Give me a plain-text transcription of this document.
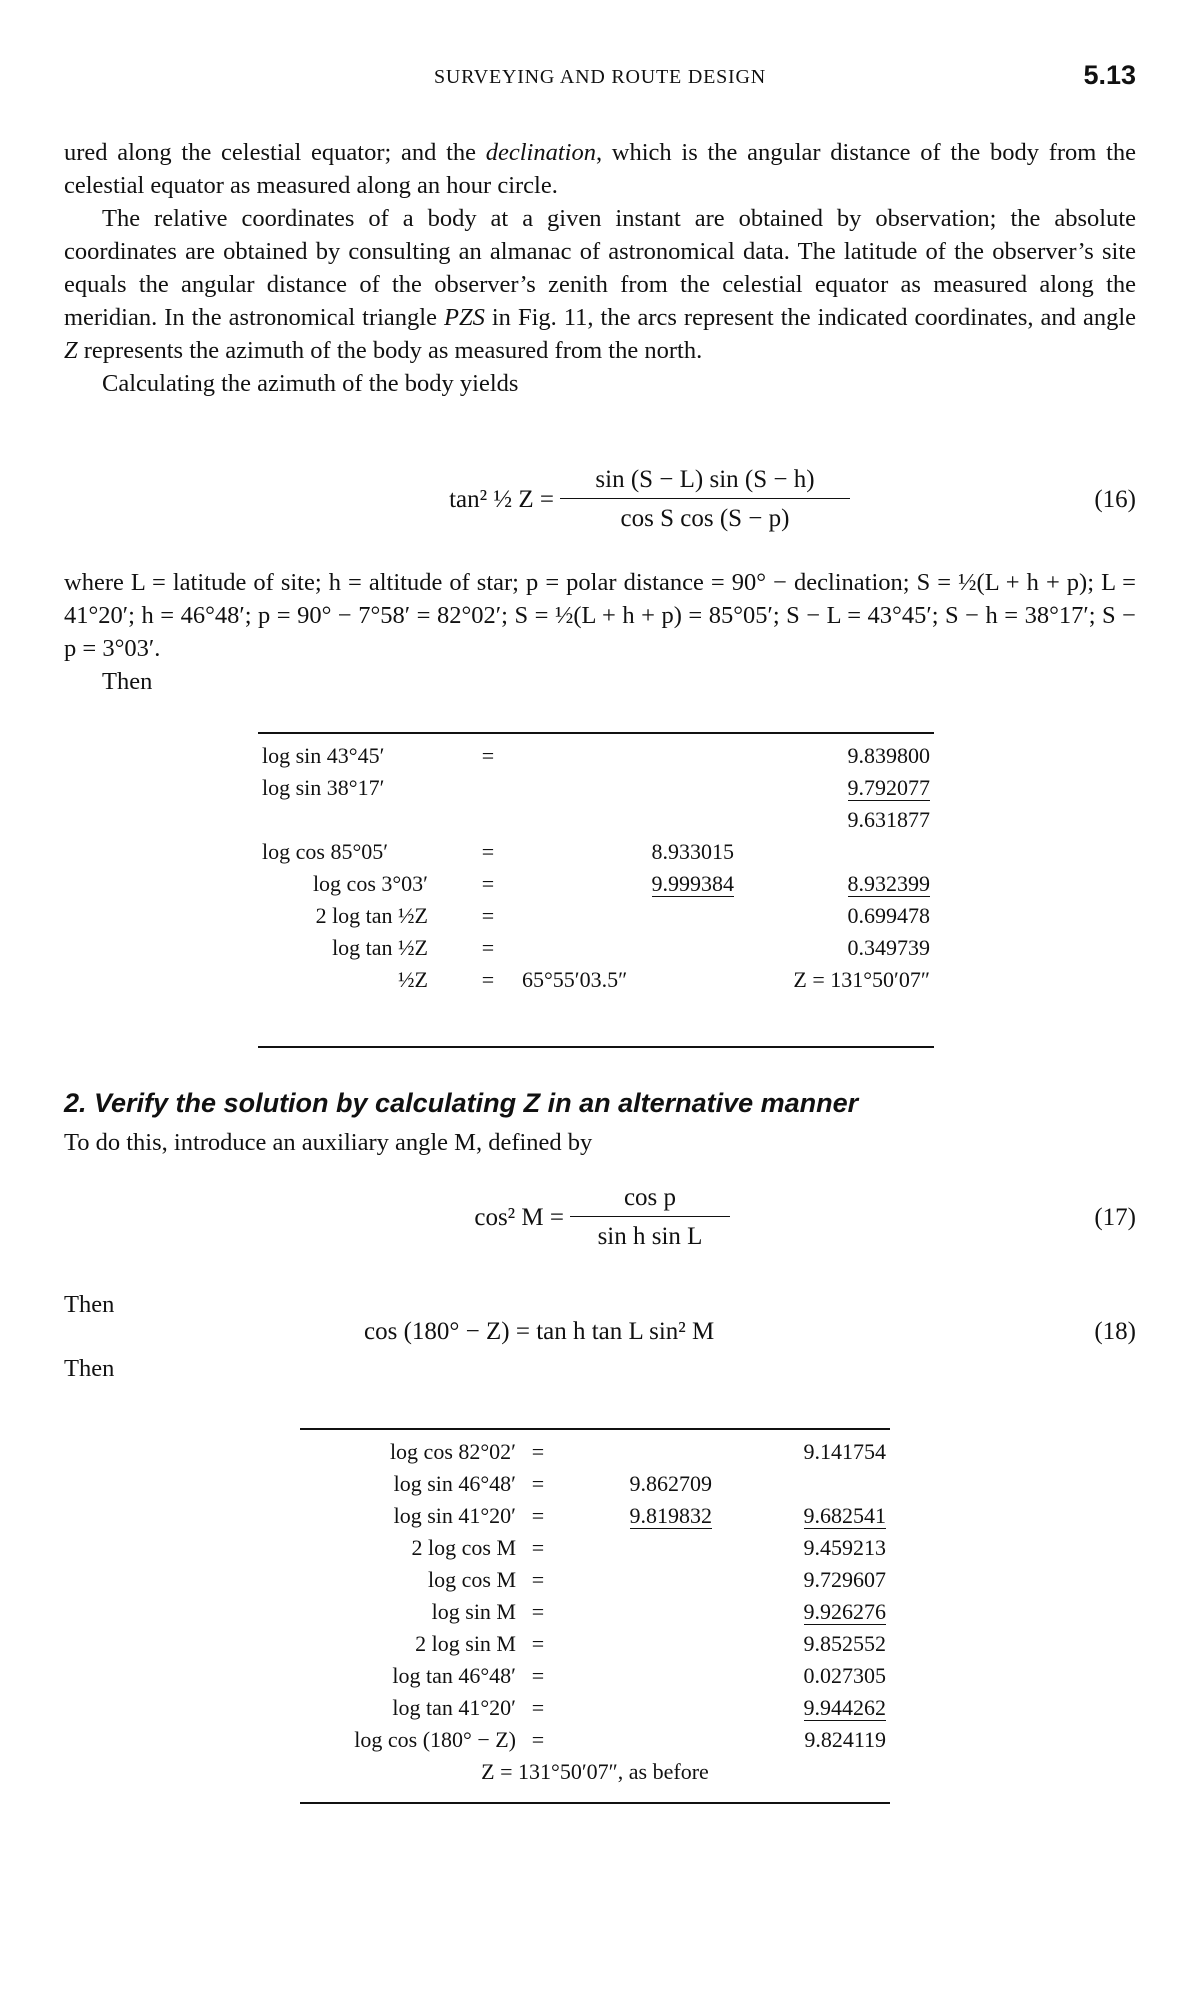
SURVEYING AND ROUTE DESIGN	5.13

ured along the celestial equator; and the declination, which is the angular distance of the body from the celestial equator as measured along an hour circle.

The relative coordinates of a body at a given instant are obtained by observation; the absolute coordinates are obtained by consulting an almanac of astronomical data. The latitude of the observer’s site equals the angular distance of the observer’s zenith from the celestial equator as measured along the meridian. In the astronomical triangle PZS in Fig. 11, the arcs represent the indicated coordinates, and angle Z represents the azimuth of the body as measured from the north.

Calculating the azimuth of the body yields

tan² ½ $Z = \frac{\sin (S - L) \sin (S - h)}{\text{cos S cos (S − p)}}$	(16)

where L = latitude of site; h = altitude of star; p = polar distance = 90° − declination; S = ½(L + h + p); L = 41°20′; h = 46°48′; p = 90° − 7°58′ = 82°02′; S = ½(L + h + p) = 85°05′; S − L = 43°45′; S − h = 38°17′; S − p = 3°03′.

Then

log sin 43°45′	=		9.839800
log sin 38°17′			9.792077
			9.631877
log cos 85°05′	=	8.933015	
log cos 3°03′	=	9.999384	8.932399
2 log tan ½Z	=		0.699478
log tan ½Z	=		0.349739
½Z	=	65°55′03.5″	Z = 131°50′07″
2. Verify the solution by calculating Z in an alternative manner
To do this, introduce an auxiliary angle M, defined by
cos² $M = \frac{\text{cos p}}{\text{sin h sin L}}$	(17)
Then
cos (180° − Z) = tan h tan L sin² M	(18)
Then
log cos 82°02′	=		9.141754
log sin 46°48′	=	9.862709	
log sin 41°20′	=	9.819832	9.682541
2 log cos M	=		9.459213
log cos M	=		9.729607
log sin M	=		9.926276
2 log sin M	=		9.852552
log tan 46°48′	=		0.027305
log tan 41°20′	=		9.944262
log cos (180° − Z)	=		9.824119
Z = 131°50′07″, as before			
